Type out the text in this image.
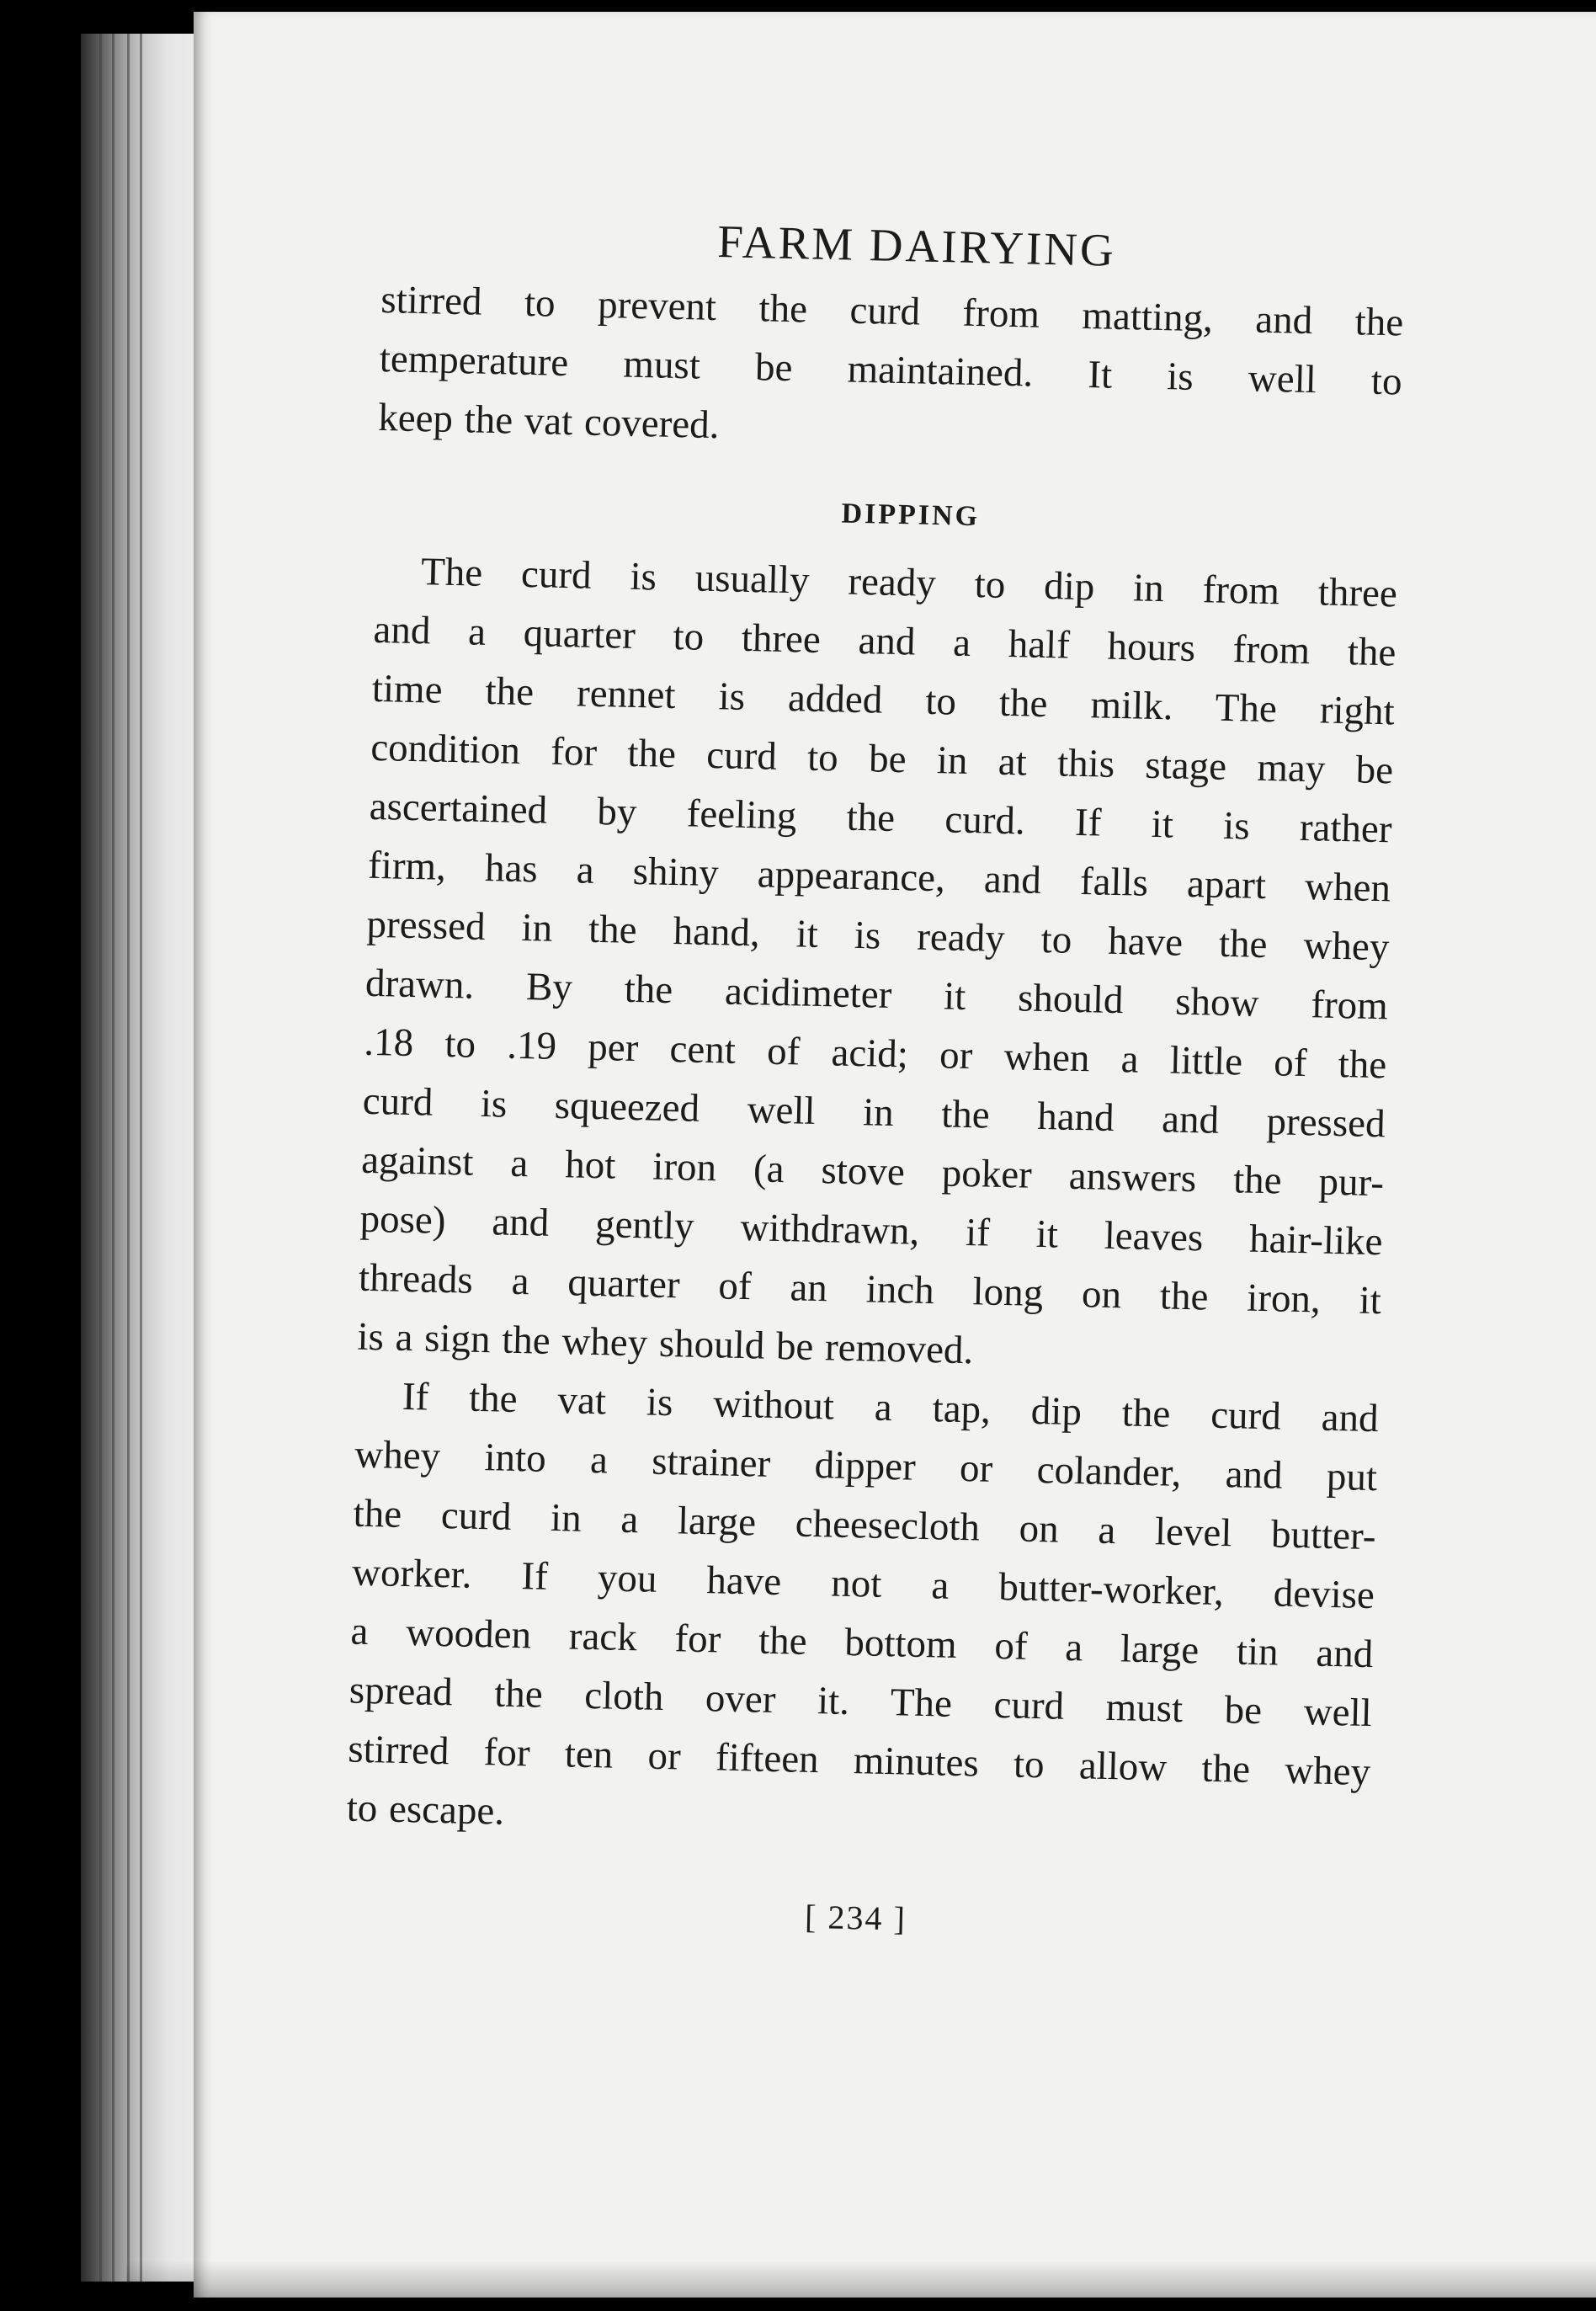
FARM DAIRYING

stirred to prevent the curd from matting, and the
temperature must be maintained. It is well to
keep the vat covered.

DIPPING

The curd is usually ready to dip in from three
and a quarter to three and a half hours from the
time the rennet is added to the milk. The right
condition for the curd to be in at this stage may be
ascertained by feeling the curd. If it is rather
firm, has a shiny appearance, and falls apart when
pressed in the hand, it is ready to have the whey
drawn. By the acidimeter it should show from
.18 to .19 per cent of acid; or when a little of the
curd is squeezed well in the hand and pressed
against a hot iron (a stove poker answers the pur-
pose) and gently withdrawn, if it leaves hair-like
threads a quarter of an inch long on the iron, it
is a sign the whey should be removed.

If the vat is without a tap, dip the curd and
whey into a strainer dipper or colander, and put
the curd in a large cheesecloth on a level butter-
worker. If you have not a butter-worker, devise
a wooden rack for the bottom of a large tin and
spread the cloth over it. The curd must be well
stirred for ten or fifteen minutes to allow the whey
to escape.

[ 234 ]
